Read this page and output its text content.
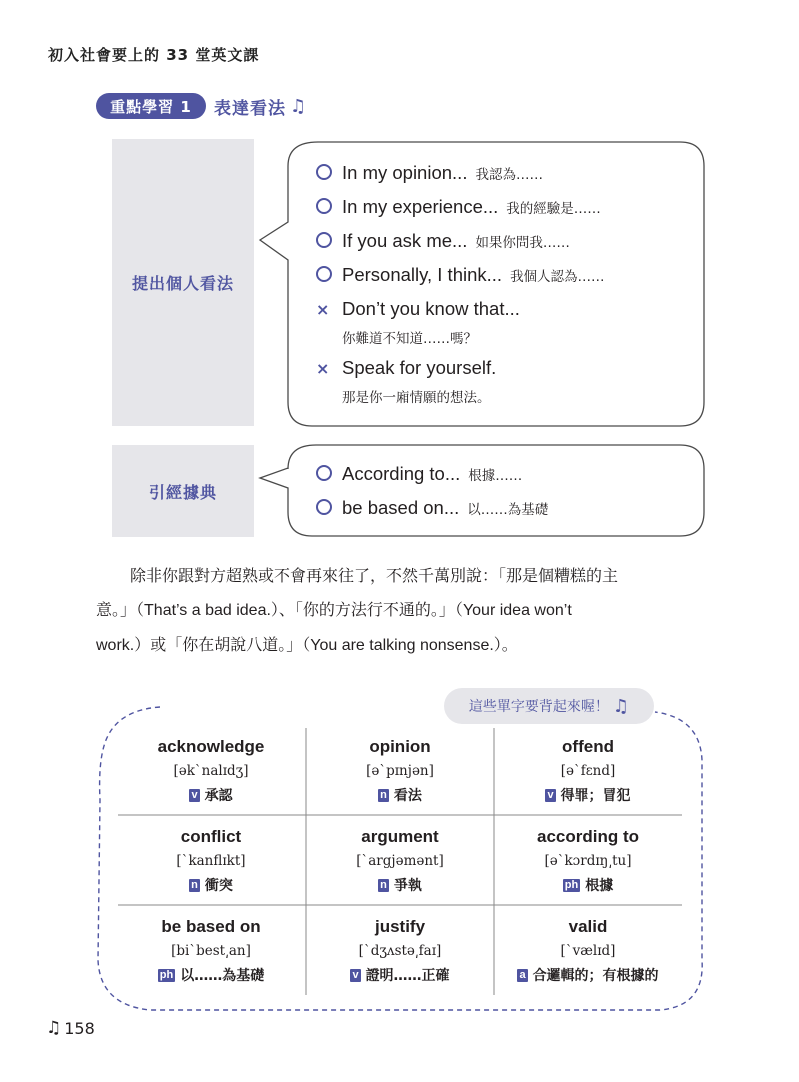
初入社會要上的 33 堂英文課
重點學習 1	表達看法 ♫
提出個人看法
引經據典
In my opinion... 我認為……
In my experience... 我的經驗是……
If you ask me... 如果你問我……
Personally, I think... 我個人認為……
× Don’t you know that...
你難道不知道……嗎？
× Speak for yourself.
那是你一廂情願的想法。
According to... 根據……
be based on... 以……為基礎
除非你跟對方超熟或不會再來往了，不然千萬別說：「那是個糟糕的主
意。」（That’s a bad idea.）、「你的方法行不通的。」（Your idea won’t
work.）或「你在胡說八道。」（You are talking nonsense.）。
這些單字要背起來喔！ ♫
acknowledge
[əkˋnalɪdʒ]
v 承認
opinion
[əˋpɪnjən]
n 看法
offend
[əˋfɛnd]
v 得罪；冒犯
conflict
[ˋkanflɪkt]
n 衝突
argument
[ˋargjəmənt]
n 爭執
according to
[əˋkɔrdɪŋ͵tu]
ph 根據
be based on
[biˋbest͵an]
ph 以……為基礎
justify
[ˋdʒʌstə͵faɪ]
v 證明……正確
valid
[ˋvælɪd]
a 合邏輯的；有根據的
♫ 158
